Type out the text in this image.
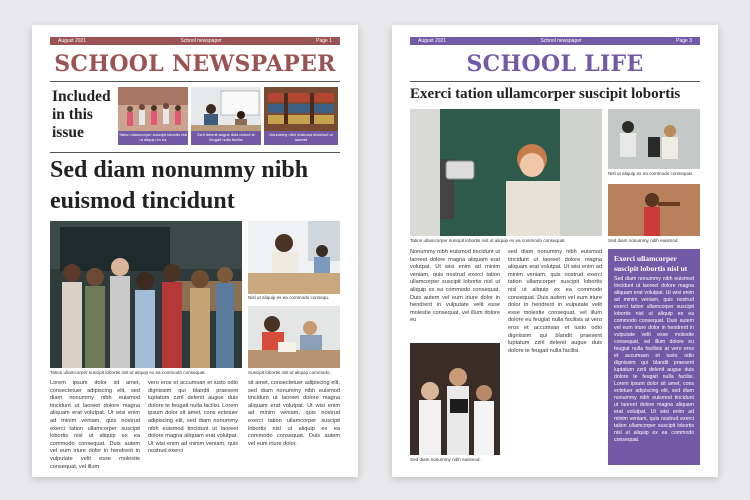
August 2021	School newspaper	Page 1
SCHOOL NEWSPAPER
Included in this issue	Tation ullamcorper suscipit lobortis nisl ut aliquip ex ea
Zzril delenit augue duis dolore te feugait nulla facilisi
Nonummy nibh euismod tincidunt ut laoreet
Sed diam nonummy nibh euismod tincidunt
Tation ullamcorper suscipit lobortis nisl ut aliquip ex ea commodo consequat.
Nisl ut aliquip ex ea commodo consequ.
Suscipit lobortis nisl ut aliquip commodo.
Lorem ipsum dolor sit amet, consectetuer adipiscing elit, sed diam nonummy nibh euismod tincidunt ut laoreet dolore magna aliquam erat volutpat. Ut wisi enim ad minim veniam, quis nostrud exerci tation ullamcorper suscipit lobortis nisl ut aliquip ex ea commodo consequat. Duis autem vel eum iriure dolor in hendrerit in vulputate velit esse molestie consequat, vel illum
vero eros et accumsan et iusto odio dignissim qui blandit praesent luptatum zzril delenit augue duis dolore te feugait nulla facilisi. Lorem ipsum dolor sit amet, cons ectetuer adipiscing elit, sed diam nonummy nibh euismod tincidunt ut laoreet dolore magna aliquam erat volutpat. Ut wisi enim ad minim veniam, quis nostrud exerci
sit amet, consectetuer adipiscing elit, sed diam nonummy nibh euismod tincidunt ut laoreet dolore magna aliquam erat volutpat. Ut wisi enim ad minim veniam, quis nostrud exerci tation ullamcorper suscipit lobortis nisl ut aliquip ex ea commodo consequat. Duis autem vel eum iriure dolor.
August 2021	School newspaper	Page 3
SCHOOL LIFE
Exerci tation ullamcorper suscipit lobortis
Tation ullamcorper suscipit lobortis nisl ut aliquip ex ea commodo consequat.
Nisl ut aliquip ex ea commodo consequat.
Sed diam nonummy nibh euismod.
Nonummy nibh euismod tincidunt ut laoreet dolore magna aliquam erat volutpat. Ut wisi enim ad minim veniam, quis nostrud exerci tation ullamcorper suscipit lobortis nisl ut aliquip ex ea commodo consequat. Duis autem vel eum iriure dolor in hendrerit in vulputate velit esse molestie consequat, vel illum dolore eu
Sed diam nonummy nibh euismod.
sed diam nonummy nibh euismod tincidunt ut laoreet dolore magna aliquam erat volutpat. Ut wisi enim ad minim veniam, quis nostrud exerci tation ullamcorper suscipit lobortis nisl ut aliquip ex ea commodo consequat. Duis autem vel eum iriure dolor in hendrerit in vulputate velit esse molestie consequat, vel illum dolore eu feugiat nulla facilisis at vero eros et accumsan et iusto odio dignissim qui blandit praesent luptatum zzril delenit augue duis dolore te feugait nulla facilisi.
Exerci ullamcorper suscipit lobortis nisl ut
Sed diam nonummy nibh euismod tincidunt ut laoreet dolore magna aliquam erat volutpat. Ut wisi enim ad minim veniam, quis nostrud exerci tation ullamcorper suscipit lobortis nisl ut aliquip ex ea commodo consequat. Duis autem vel eum iriure dolor in hendrerit in vulputate velit esse molestie consequat, vel illum dolore eu feugiat nulla facilisis at vero eros et accumsan et iusto odio dignissim qui blandit praesent luptatum zzril delenit augue duis dolore te feugait nulla facilisi. Lorem ipsum dolor sit amet, cons ectetuer adipiscing elit, sed diam nonummy nibh euismod tincidunt ut laoreet dolore magna aliquam erat volutpat. Ut wisi enim ad minim veniam, quis nostrud exerci tation ullamcorper suscipit lobortis nisl ut aliquip ex ea commodo consequat.
